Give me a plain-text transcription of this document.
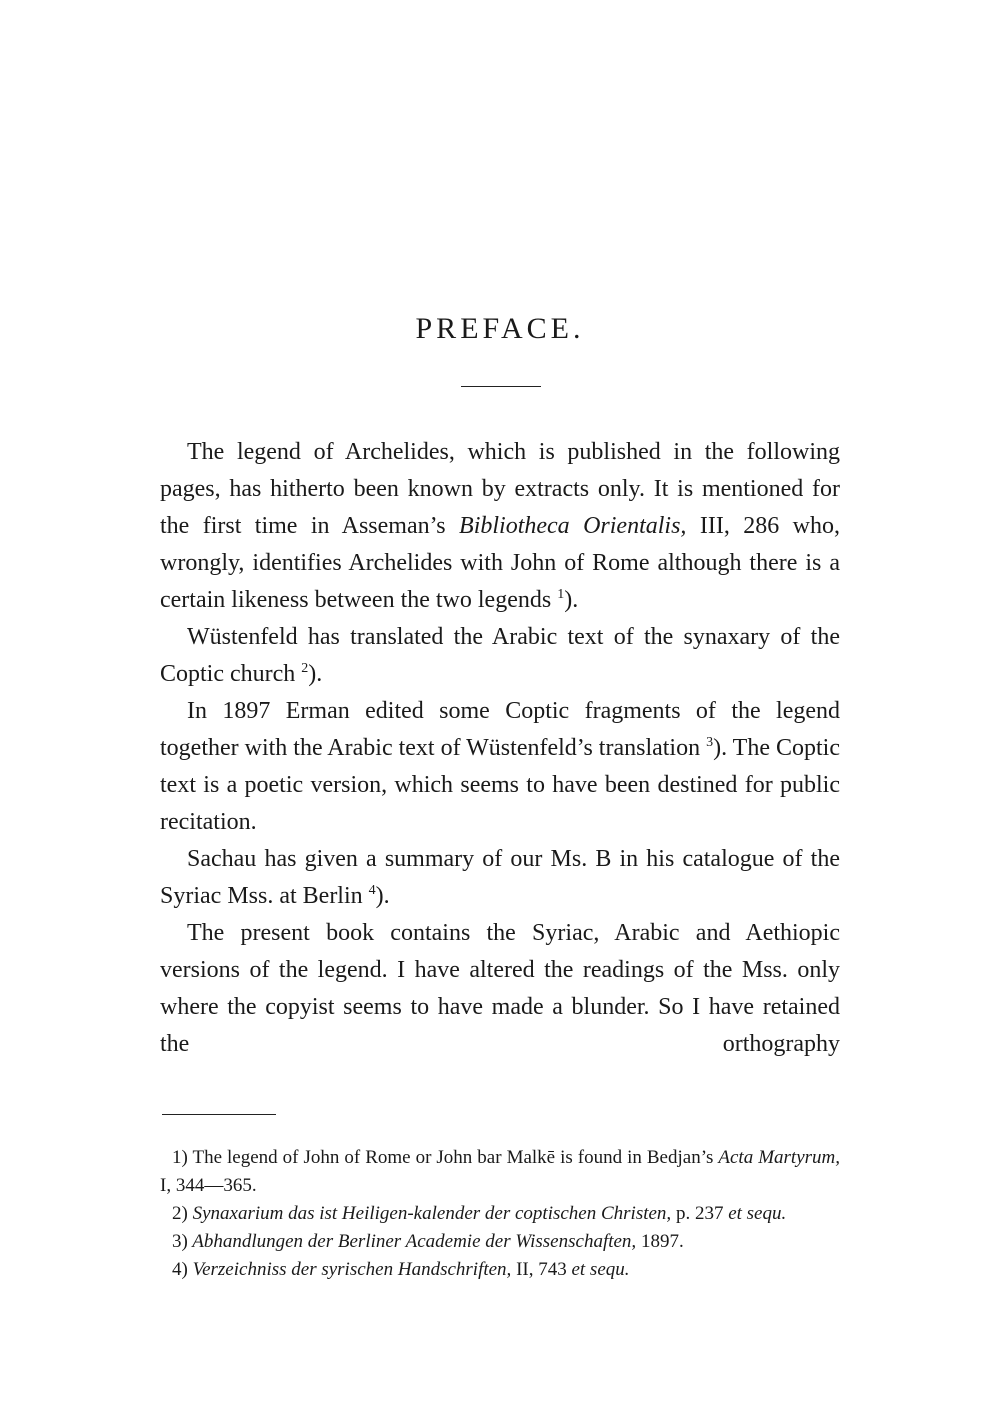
PREFACE.

The legend of Archelides, which is published in the following pages, has hitherto been known by extracts only. It is mentioned for the first time in Asseman’s Bibliotheca Orientalis, III, 286 who, wrongly, identifies Archelides with John of Rome although there is a certain likeness between the two legends $^1$).

Wüstenfeld has translated the Arabic text of the synaxary of the Coptic church $^2$).

In 1897 Erman edited some Coptic fragments of the legend together with the Arabic text of Wüstenfeld’s translation $^3$). The Coptic text is a poetic version, which seems to have been destined for public recitation.

Sachau has given a summary of our Ms. B in his catalogue of the Syriac Mss. at Berlin $^4$).

The present book contains the Syriac, Arabic and Aethiopic versions of the legend. I have altered the readings of the Mss. only where the copyist seems to have made a blunder. So I have retained the orthography

1) The legend of John of Rome or John bar Malkē is found in Bedjan’s Acta Martyrum, I, 344—365.

2) Synaxarium das ist Heiligen-kalender der coptischen Christen, p. 237 et sequ.

3) Abhandlungen der Berliner Academie der Wissenschaften, 1897.

4) Verzeichniss der syrischen Handschriften, II, 743 et sequ.
